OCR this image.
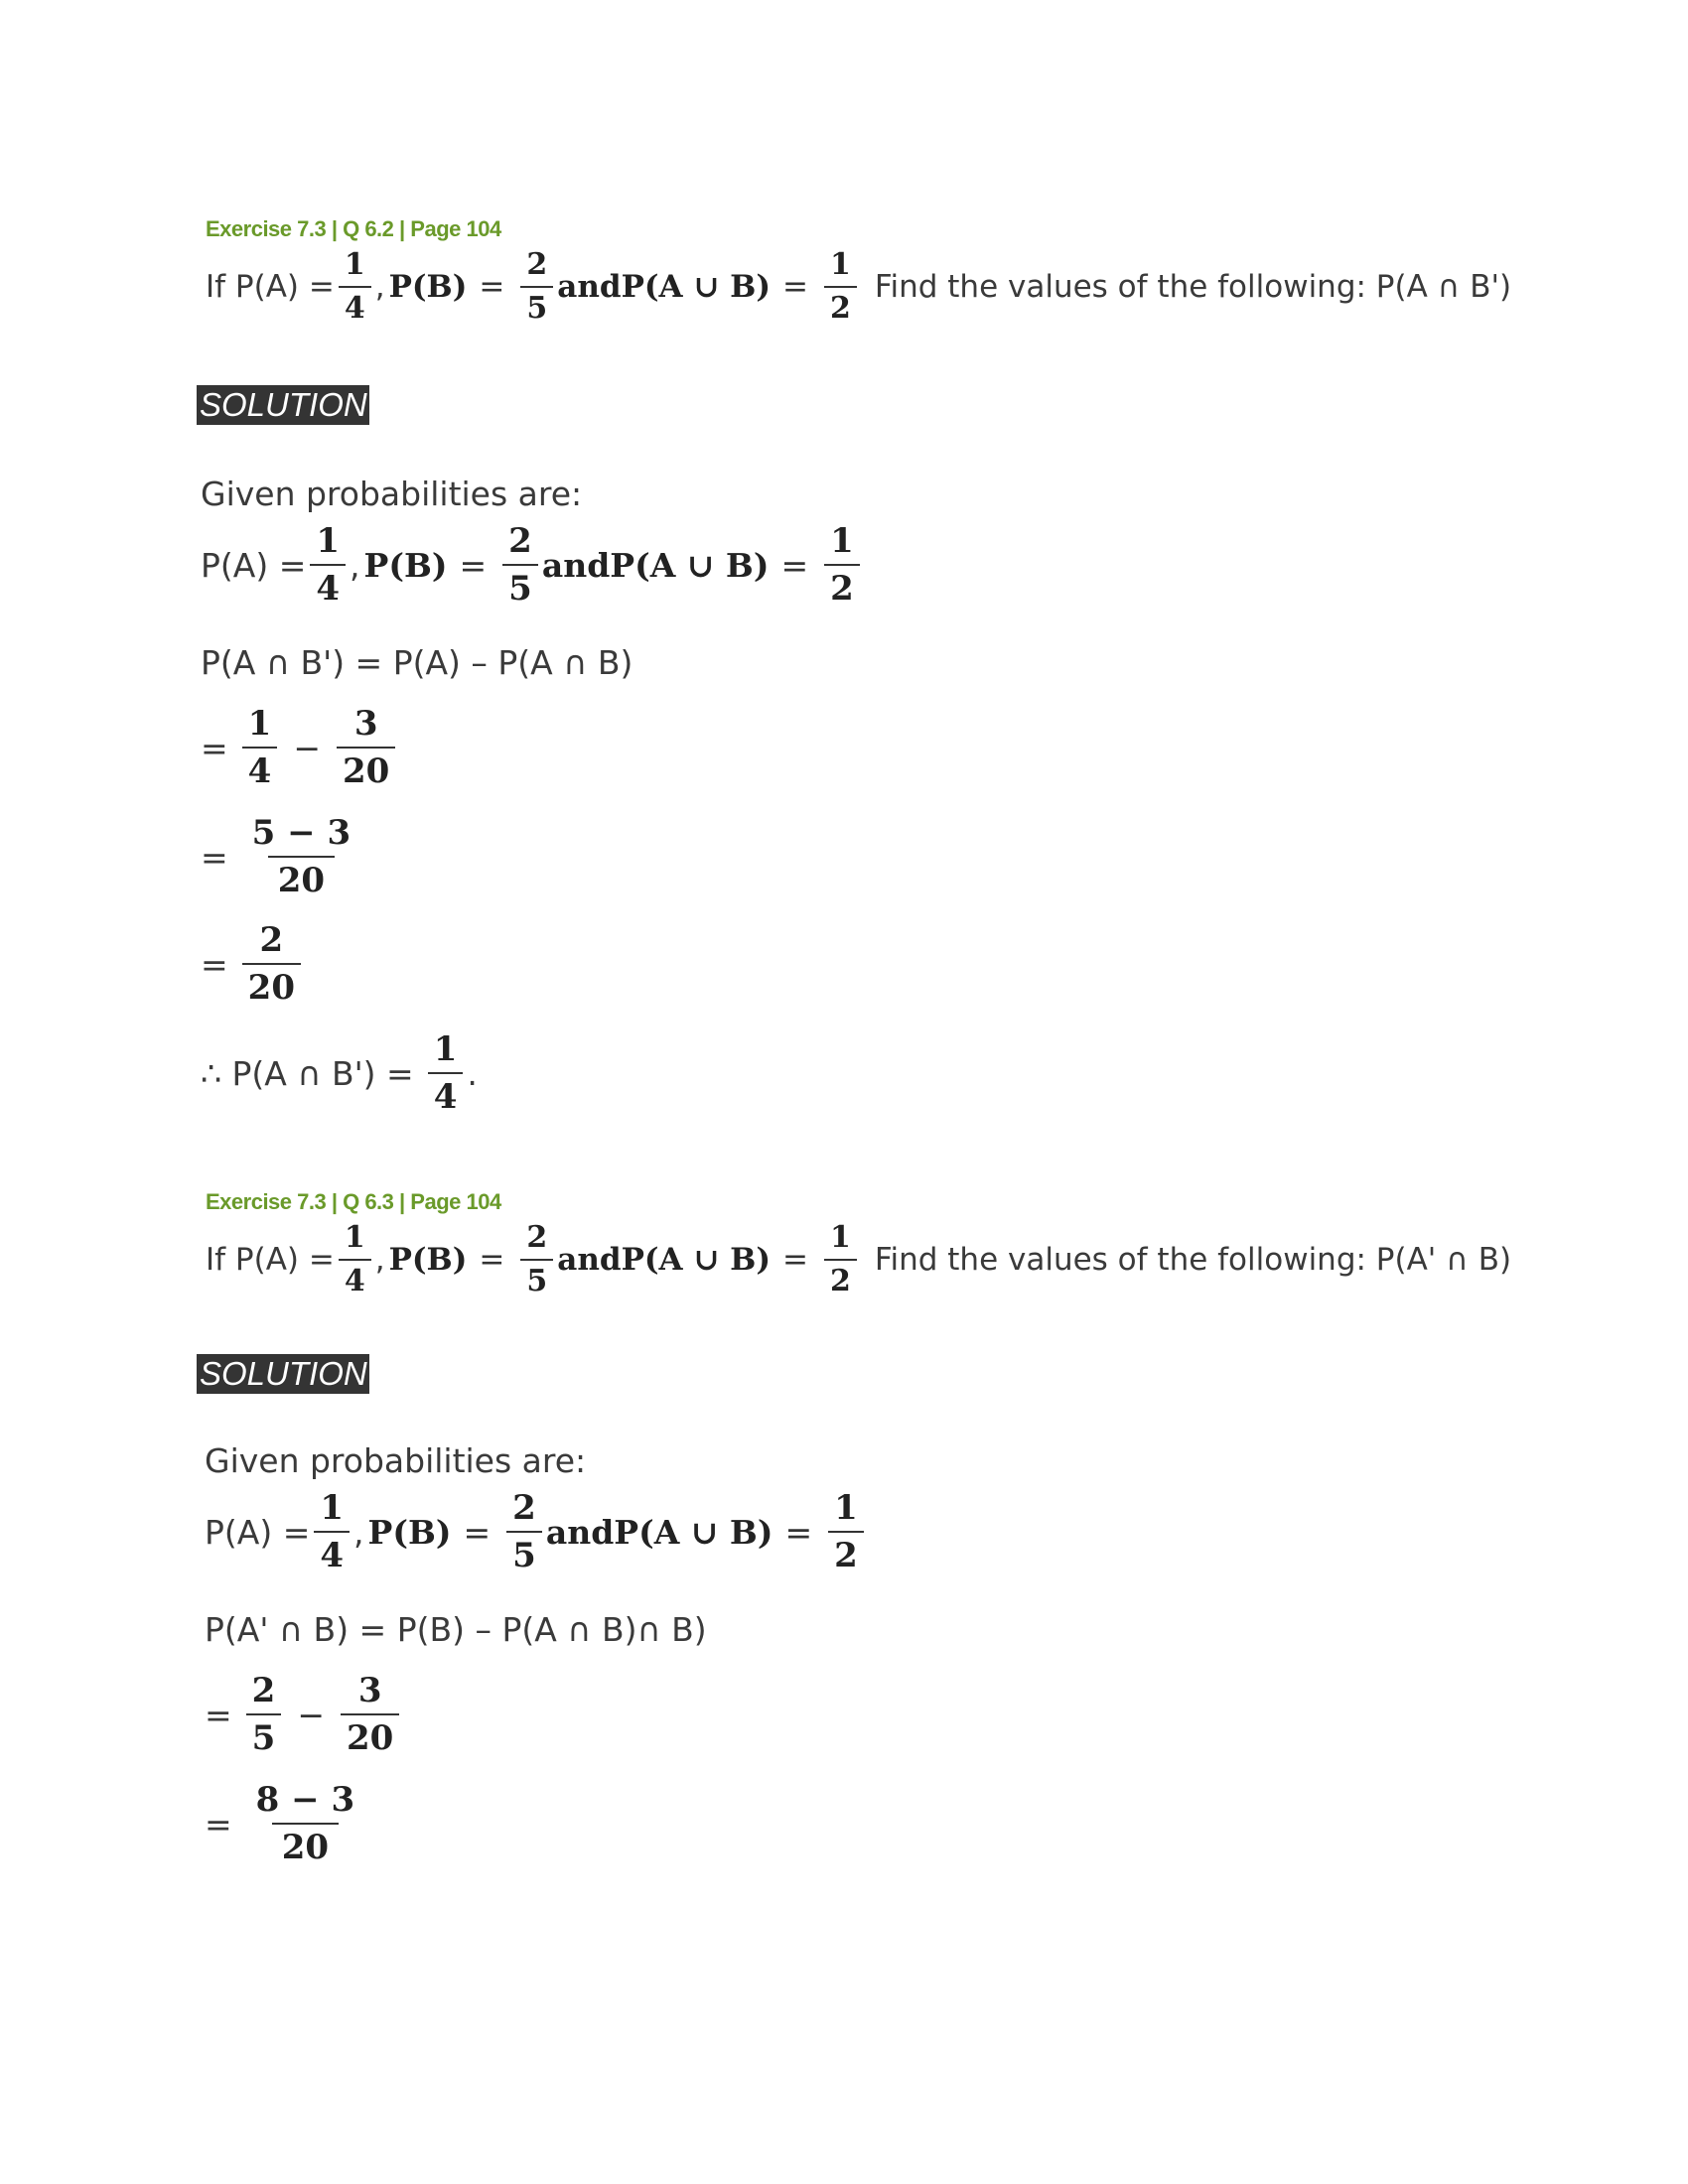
Exercise 7.3 | Q 6.2 | Page 104
If $P(A) = \frac{1}{4}$ , $P(B) = \frac{2}{5}$ andP(A ∪ $B) = \frac{1}{2}$ Find the values of the following: P(A ∩ B')
SOLUTION
Given probabilities are:
$P(A) = \frac{1}{4}$ , $P(B) = \frac{2}{5}$ andP(A ∪ $B) = \frac{1}{2}$
P(A ∩ B') = P(A) – P(A ∩ B)
= $\frac{1}{4} - \frac{3}{20}$
= $\frac{5 - 3}{20}$
= $\frac{2}{20}$
∴ P(A ∩ $B') = \frac{1}{4}$ .
Exercise 7.3 | Q 6.3 | Page 104
If $P(A) = \frac{1}{4}$ , $P(B) = \frac{2}{5}$ andP(A ∪ $B) = \frac{1}{2}$ Find the values of the following: P(A' ∩ B)
SOLUTION
Given probabilities are:
$P(A) = \frac{1}{4}$ , $P(B) = \frac{2}{5}$ andP(A ∪ $B) = \frac{1}{2}$
P(A' ∩ B) = P(B) – P(A ∩ B)∩ B)
= $\frac{2}{5} - \frac{3}{20}$
= $\frac{8 - 3}{20}$
